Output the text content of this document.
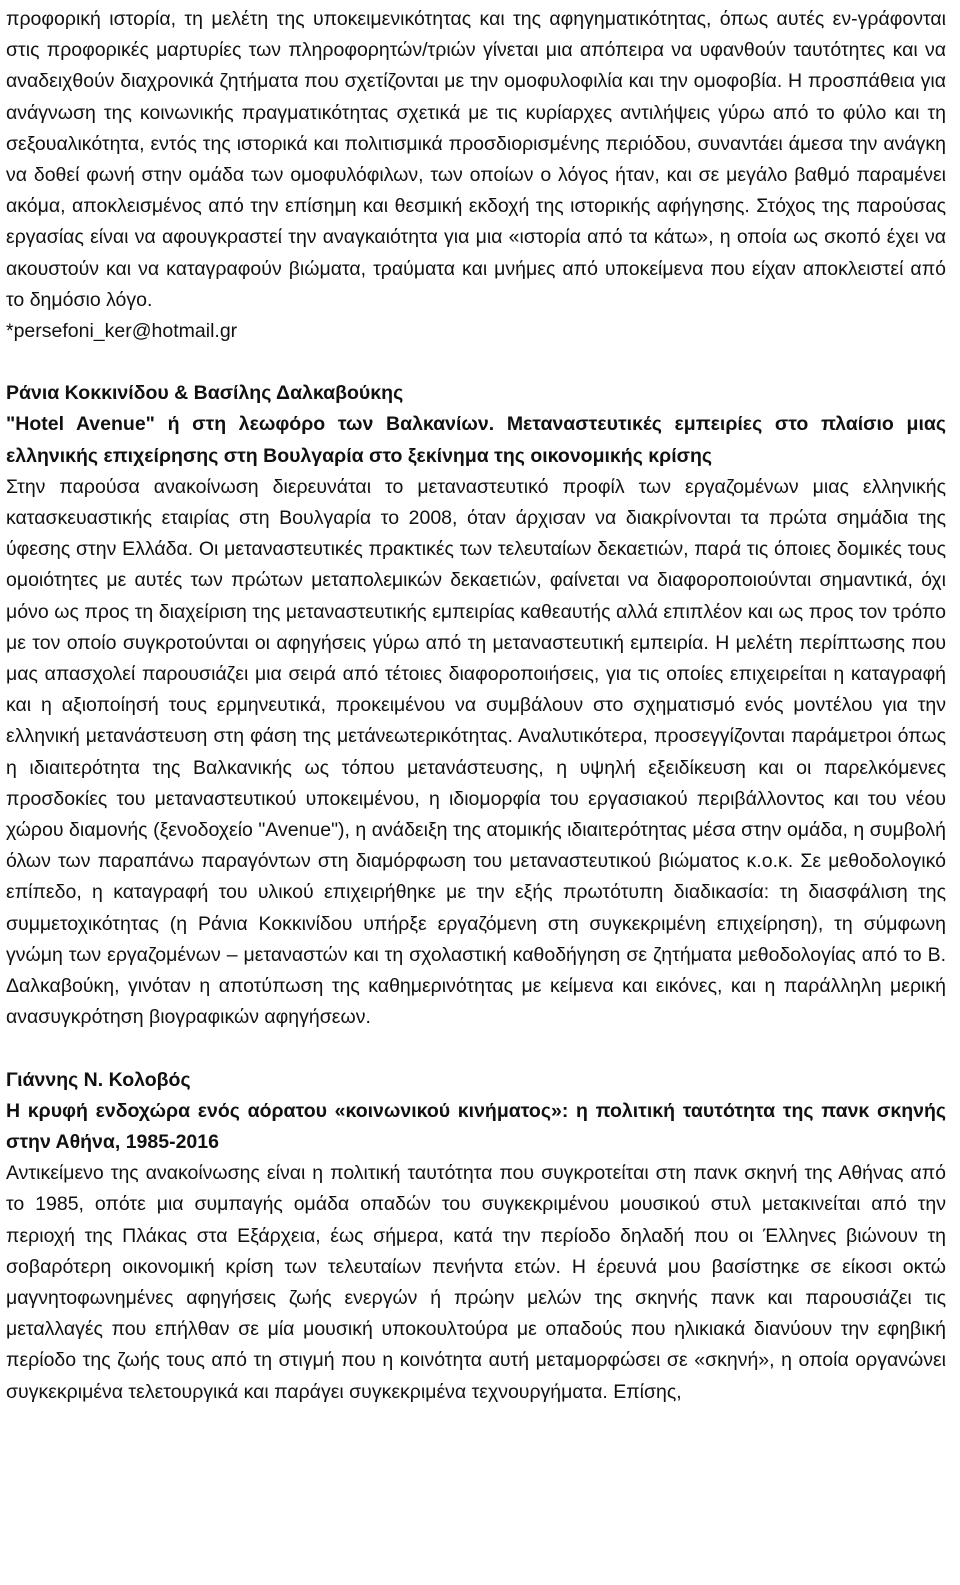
προφορική ιστορία, τη μελέτη της υποκειμενικότητας και της αφηγηματικότητας, όπως αυτές εν-γράφονται στις προφορικές μαρτυρίες των πληροφορητών/τριών γίνεται μια απόπειρα να υφανθούν ταυτότητες και να αναδειχθούν διαχρονικά ζητήματα που σχετίζονται με την ομοφυλοφιλία και την ομοφοβία. Η προσπάθεια για ανάγνωση της κοινωνικής πραγματικότητας σχετικά με τις κυρίαρχες αντιλήψεις γύρω από το φύλο και τη σεξουαλικότητα, εντός της ιστορικά και πολιτισμικά προσδιορισμένης περιόδου, συναντάει άμεσα την ανάγκη να δοθεί φωνή στην ομάδα των ομοφυλόφιλων, των οποίων ο λόγος ήταν, και σε μεγάλο βαθμό παραμένει ακόμα, αποκλεισμένος από την επίσημη και θεσμική εκδοχή της ιστορικής αφήγησης. Στόχος της παρούσας εργασίας είναι να αφουγκραστεί την αναγκαιότητα για μια «ιστορία από τα κάτω», η οποία ως σκοπό έχει να ακουστούν και να καταγραφούν βιώματα, τραύματα και μνήμες από υποκείμενα που είχαν αποκλειστεί από το δημόσιο λόγο.

*persefoni_ker@hotmail.gr

Ράνια Κοκκινίδου & Βασίλης Δαλκαβούκης

"Hotel Avenue" ή στη λεωφόρο των Βαλκανίων. Μεταναστευτικές εμπειρίες στο πλαίσιο μιας ελληνικής επιχείρησης στη Βουλγαρία στο ξεκίνημα της οικονομικής κρίσης

Στην παρούσα ανακοίνωση διερευνάται το μεταναστευτικό προφίλ των εργαζομένων μιας ελληνικής κατασκευαστικής εταιρίας στη Βουλγαρία το 2008, όταν άρχισαν να διακρίνονται τα πρώτα σημάδια της ύφεσης στην Ελλάδα. Οι μεταναστευτικές πρακτικές των τελευταίων δεκαετιών, παρά τις όποιες δομικές τους ομοιότητες με αυτές των πρώτων μεταπολεμικών δεκαετιών, φαίνεται να διαφοροποιούνται σημαντικά, όχι μόνο ως προς τη διαχείριση της μεταναστευτικής εμπειρίας καθεαυτής αλλά επιπλέον και ως προς τον τρόπο με τον οποίο συγκροτούνται οι αφηγήσεις γύρω από τη μεταναστευτική εμπειρία. Η μελέτη περίπτωσης που μας απασχολεί παρουσιάζει μια σειρά από τέτοιες διαφοροποιήσεις, για τις οποίες επιχειρείται η καταγραφή και η αξιοποίησή τους ερμηνευτικά, προκειμένου να συμβάλουν στο σχηματισμό ενός μοντέλου για την ελληνική μετανάστευση στη φάση της μετάνεωτερικότητας. Αναλυτικότερα, προσεγγίζονται παράμετροι όπως η ιδιαιτερότητα της Βαλκανικής ως τόπου μετανάστευσης, η υψηλή εξειδίκευση και οι παρελκόμενες προσδοκίες του μεταναστευτικού υποκειμένου, η ιδιομορφία του εργασιακού περιβάλλοντος και του νέου χώρου διαμονής (ξενοδοχείο "Avenue"), η ανάδειξη της ατομικής ιδιαιτερότητας μέσα στην ομάδα, η συμβολή όλων των παραπάνω παραγόντων στη διαμόρφωση του μεταναστευτικού βιώματος κ.ο.κ. Σε μεθοδολογικό επίπεδο, η καταγραφή του υλικού επιχειρήθηκε με την εξής πρωτότυπη διαδικασία: τη διασφάλιση της συμμετοχικότητας (η Ράνια Κοκκινίδου υπήρξε εργαζόμενη στη συγκεκριμένη επιχείρηση), τη σύμφωνη γνώμη των εργαζομένων – μεταναστών και τη σχολαστική καθοδήγηση σε ζητήματα μεθοδολογίας από το Β. Δαλκαβούκη, γινόταν η αποτύπωση της καθημερινότητας με κείμενα και εικόνες, και η παράλληλη μερική ανασυγκρότηση βιογραφικών αφηγήσεων.

Γιάννης Ν. Κολοβός

Η κρυφή ενδοχώρα ενός αόρατου «κοινωνικού κινήματος»: η πολιτική ταυτότητα της πανκ σκηνής στην Αθήνα, 1985-2016

Αντικείμενο της ανακοίνωσης είναι η πολιτική ταυτότητα που συγκροτείται στη πανκ σκηνή της Αθήνας από το 1985, οπότε μια συμπαγής ομάδα οπαδών του συγκεκριμένου μουσικού στυλ μετακινείται από την περιοχή της Πλάκας στα Εξάρχεια, έως σήμερα, κατά την περίοδο δηλαδή που οι Έλληνες βιώνουν τη σοβαρότερη οικονομική κρίση των τελευταίων πενήντα ετών. Η έρευνά μου βασίστηκε σε είκοσι οκτώ μαγνητοφωνημένες αφηγήσεις ζωής ενεργών ή πρώην μελών της σκηνής πανκ και παρουσιάζει τις μεταλλαγές που επήλθαν σε μία μουσική υποκουλτούρα με οπαδούς που ηλικιακά διανύουν την εφηβική περίοδο της ζωής τους από τη στιγμή που η κοινότητα αυτή μεταμορφώσει σε «σκηνή», η οποία οργανώνει συγκεκριμένα τελετουργικά και παράγει συγκεκριμένα τεχνουργήματα. Επίσης,
